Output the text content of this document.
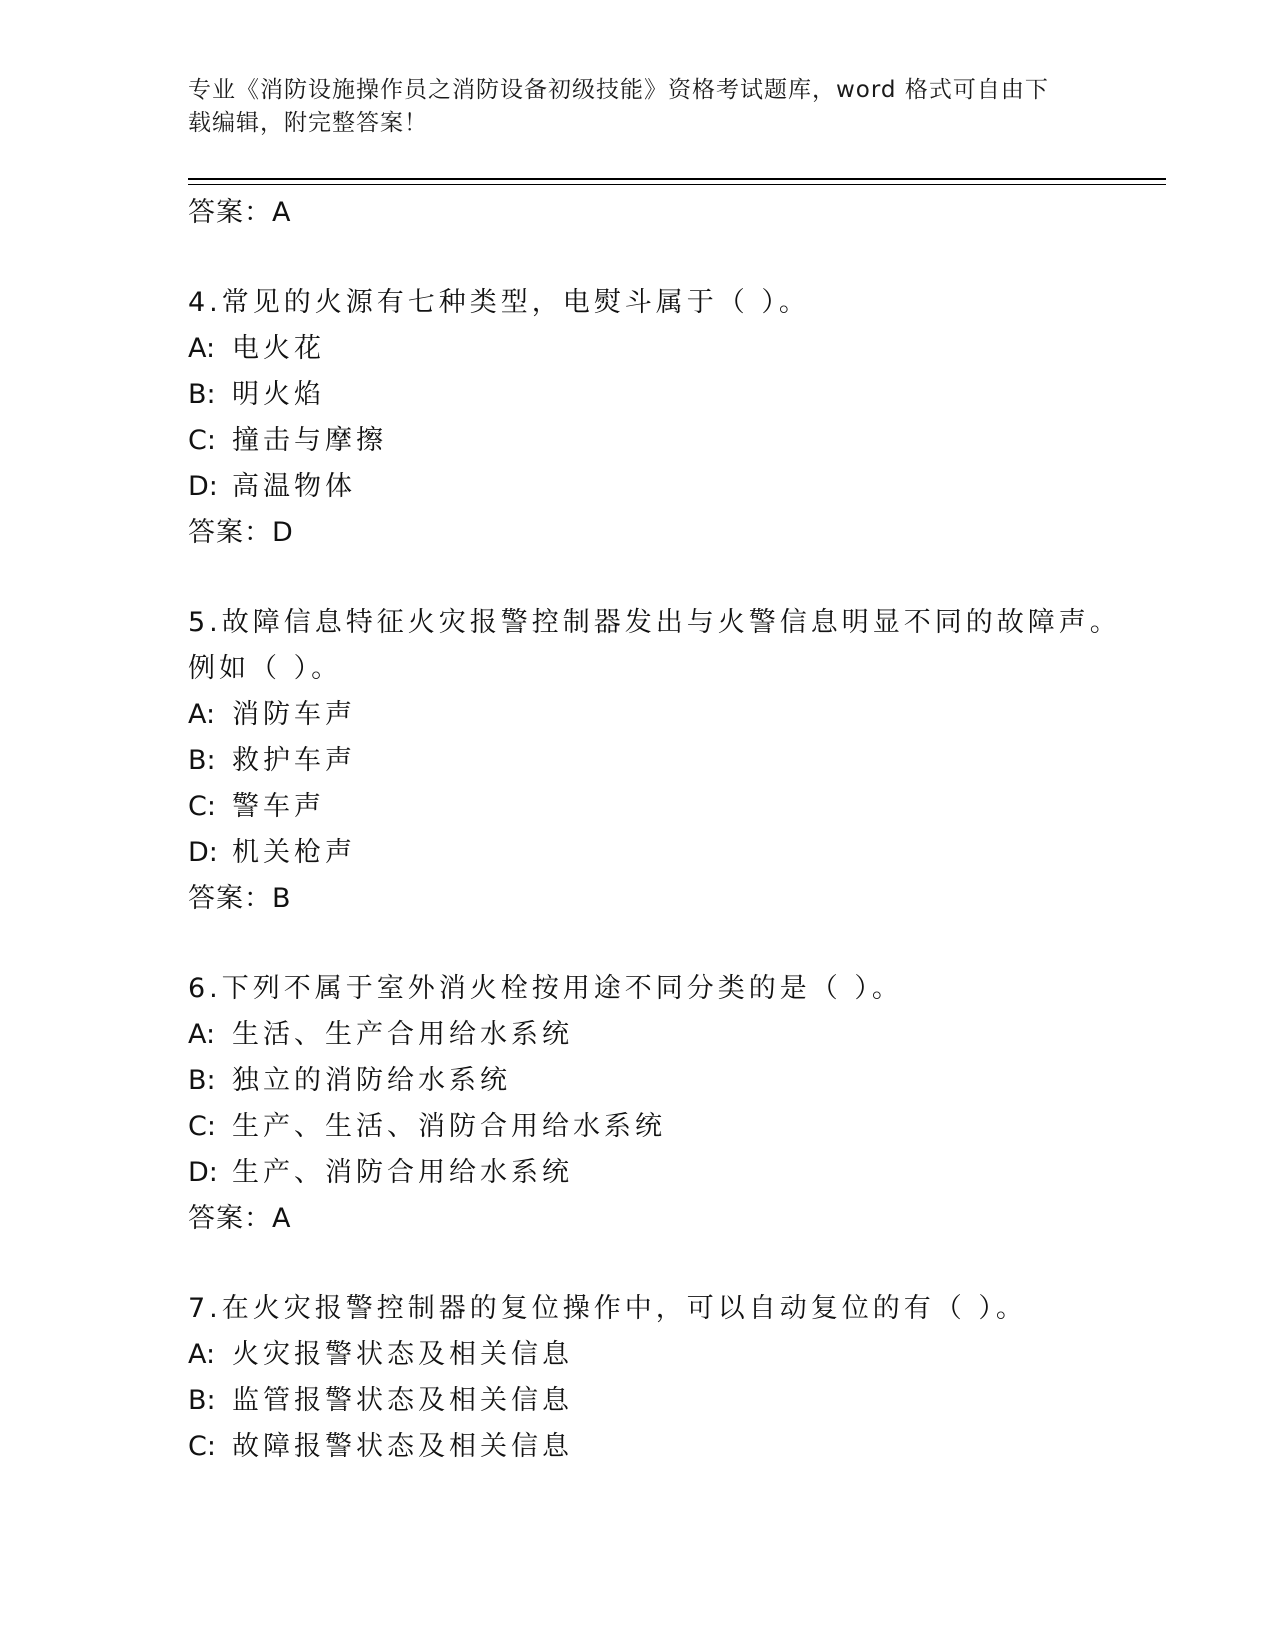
专业《消防设施操作员之消防设备初级技能》资格考试题库，word 格式可自由下
载编辑，附完整答案！
答案：A
4.常见的火源有七种类型，电熨斗属于（ ）。
A: 电火花
B: 明火焰
C: 撞击与摩擦
D: 高温物体
答案：D
5.故障信息特征火灾报警控制器发出与火警信息明显不同的故障声。
例如（ ）。
A: 消防车声
B: 救护车声
C: 警车声
D: 机关枪声
答案：B
6.下列不属于室外消火栓按用途不同分类的是（ ）。
A: 生活、生产合用给水系统
B: 独立的消防给水系统
C: 生产、生活、消防合用给水系统
D: 生产、消防合用给水系统
答案：A
7.在火灾报警控制器的复位操作中，可以自动复位的有（ ）。
A: 火灾报警状态及相关信息
B: 监管报警状态及相关信息
C: 故障报警状态及相关信息
